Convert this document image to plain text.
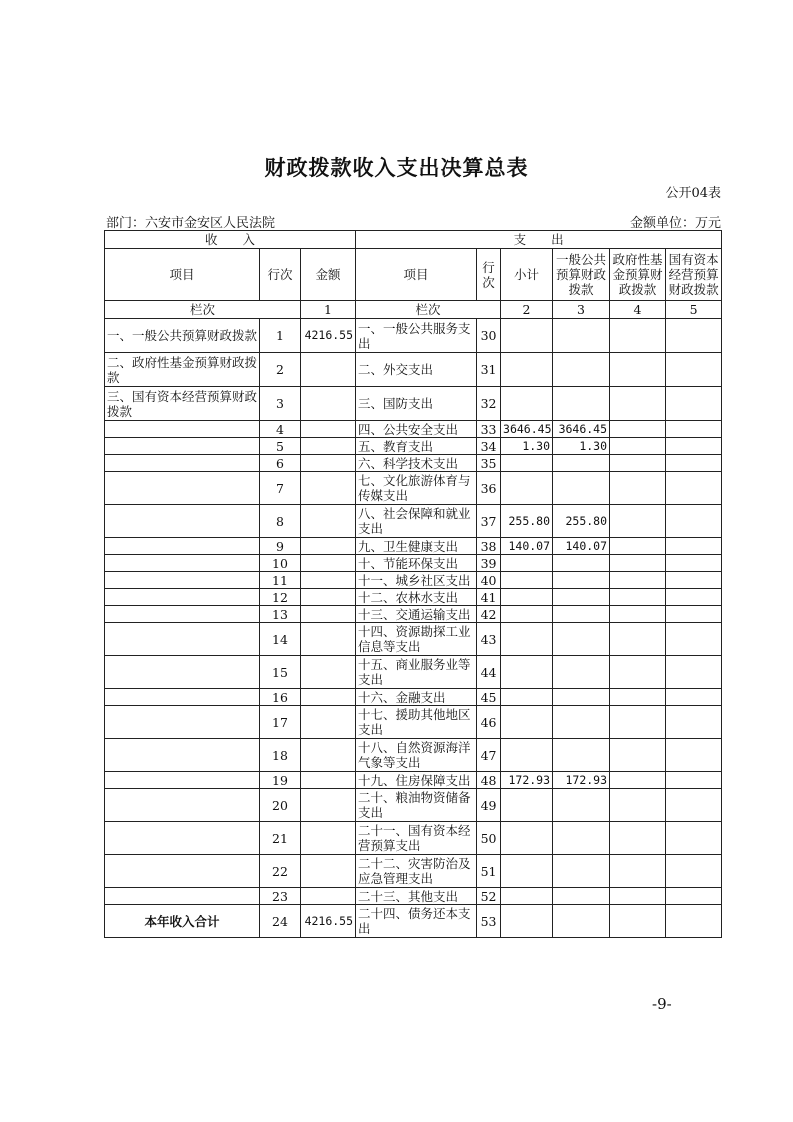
财政拨款收入支出决算总表
公开04表
部门：六安市金安区人民法院	金额单位：万元
收　　入			支　　出					
项目	行次	金额	项目	行次	小计	一般公共预算财政拨款	政府性基金预算财政拨款	国有资本经营预算财政拨款
栏次		1	栏次		2	3	4	5
一、一般公共预算财政拨款	1	4216.55	一、一般公共服务支出	30				
二、政府性基金预算财政拨款	2		二、外交支出	31				
三、国有资本经营预算财政拨款	3		三、国防支出	32				
	4		四、公共安全支出	33	3646.45	3646.45		
	5		五、教育支出	34	1.30	1.30		
	6		六、科学技术支出	35				
	7		七、文化旅游体育与传媒支出	36				
	8		八、社会保障和就业支出	37	255.80	255.80		
	9		九、卫生健康支出	38	140.07	140.07		
	10		十、节能环保支出	39				
	11		十一、城乡社区支出	40				
	12		十二、农林水支出	41				
	13		十三、交通运输支出	42				
	14		十四、资源勘探工业信息等支出	43				
	15		十五、商业服务业等支出	44				
	16		十六、金融支出	45				
	17		十七、援助其他地区支出	46				
	18		十八、自然资源海洋气象等支出	47				
	19		十九、住房保障支出	48	172.93	172.93		
	20		二十、粮油物资储备支出	49				
	21		二十一、国有资本经营预算支出	50				
	22		二十二、灾害防治及应急管理支出	51				
	23		二十三、其他支出	52				
本年收入合计	24	4216.55	二十四、债务还本支出	53				
-9-
